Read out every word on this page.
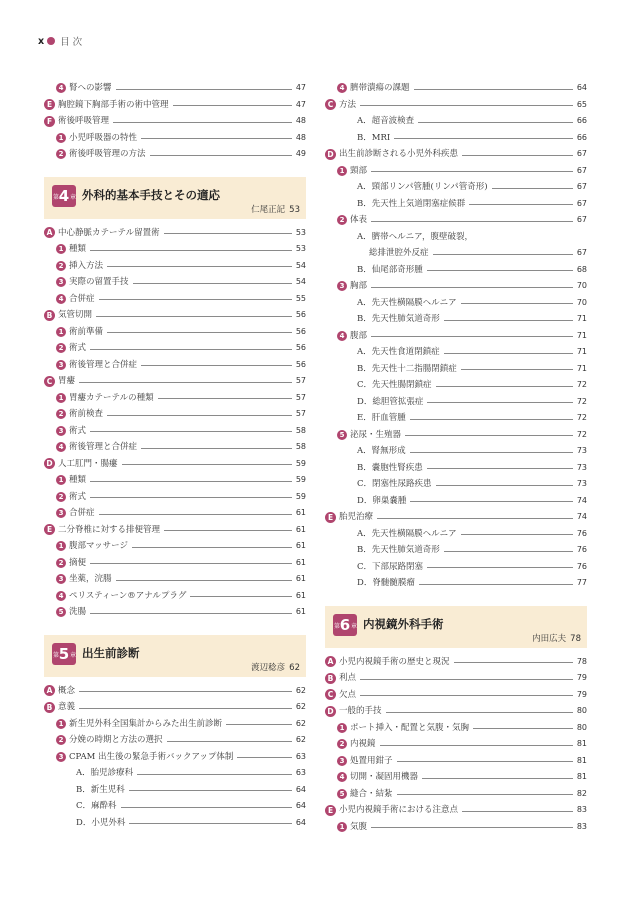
x 目 次
4 腎への影響	47
E 胸腔鏡下胸部手術の術中管理	47
F 術後呼吸管理	48
1 小児呼吸器の特性	48
2 術後呼吸管理の方法	49
第 4 章 外科的基本手技とその適応
仁尾正記 53
A 中心静脈カテーテル留置術	53
1 種類	53
2 挿入方法	54
3 実際の留置手技	54
4 合併症	55
B 気管切開	56
1 術前準備	56
2 術式	56
3 術後管理と合併症	56
C 胃瘻	57
1 胃瘻カテーテルの種類	57
2 術前検査	57
3 術式	58
4 術後管理と合併症	58
D 人工肛門・腸瘻	59
1 種類	59
2 術式	59
3 合併症	61
E 二分脊椎に対する排便管理	61
1 腹部マッサージ	61
2 摘便	61
3 坐薬，浣腸	61
4 ペリスティーン®アナルプラグ	61
5 洗腸	61
第 5 章 出生前診断
渡辺稔彦 62
A 概念	62
B 意義	62
1 新生児外科全国集計からみた出生前診断	62
2 分娩の時期と方法の選択	62
3 CPAM 出生後の緊急手術バックアップ体制	63
A．胎児診療科	63
B．新生児科	64
C．麻酔科	64
D．小児外科	64
4 臍帯潰瘍の課題	64
C 方法	65
A．超音波検査	66
B．MRI	66
D 出生前診断される小児外科疾患	67
1 頸部	67
A．頸部リンパ管腫(リンパ管奇形)	67
B．先天性上気道閉塞症候群	67
2 体表	67
A．臍帯ヘルニア，腹壁破裂，
総排泄腔外反症	67
B．仙尾部奇形腫	68
3 胸部	70
A．先天性横隔膜ヘルニア	70
B．先天性肺気道奇形	71
4 腹部	71
A．先天性食道閉鎖症	71
B．先天性十二指腸閉鎖症	71
C．先天性腸閉鎖症	72
D．総胆管拡張症	72
E．肝血管腫	72
5 泌尿・生殖器	72
A．腎無形成	73
B．嚢胞性腎疾患	73
C．閉塞性尿路疾患	73
D．卵巣嚢腫	74
E 胎児治療	74
A．先天性横隔膜ヘルニア	76
B．先天性肺気道奇形	76
C．下部尿路閉塞	76
D．脊髄髄膜瘤	77
第 6 章 内視鏡外科手術
内田広夫 78
A 小児内視鏡手術の歴史と現況	78
B 利点	79
C 欠点	79
D 一般的手技	80
1 ポート挿入・配置と気腹・気胸	80
2 内視鏡	81
3 処置用鉗子	81
4 切開・凝固用機器	81
5 縫合・結紮	82
E 小児内視鏡手術における注意点	83
1 気腹	83
